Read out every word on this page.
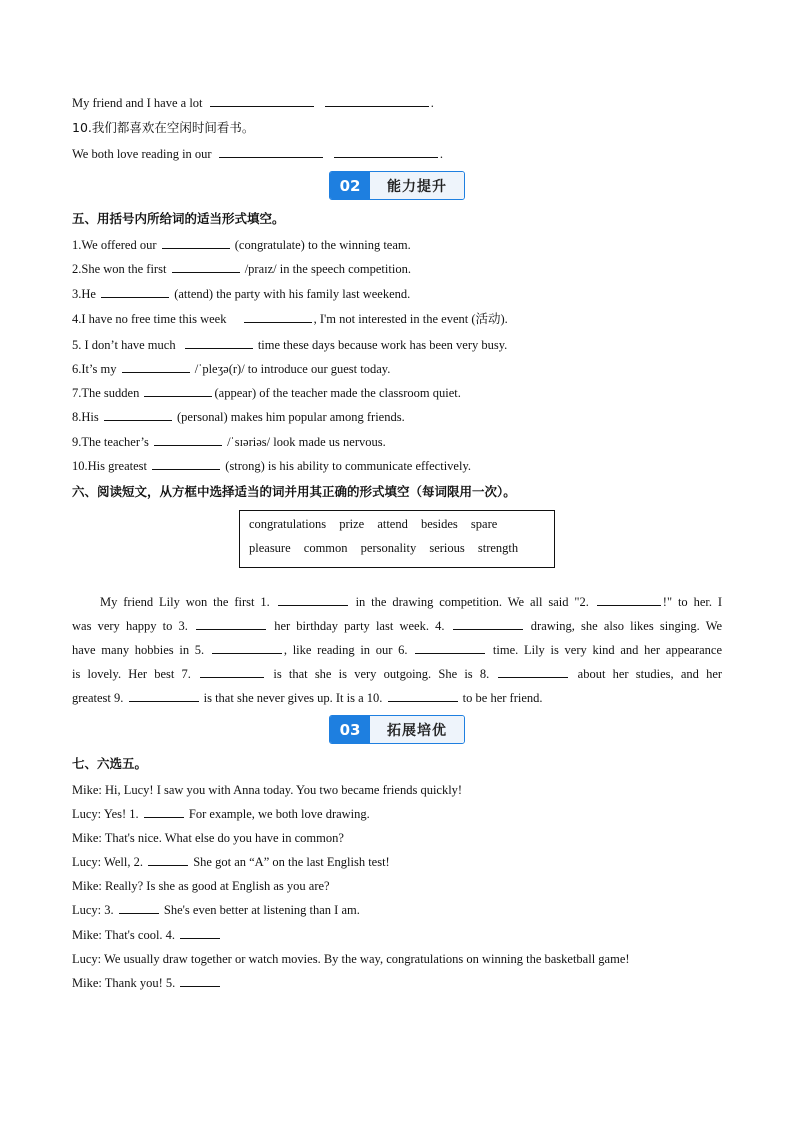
My friend and I have a lot	.
10.我们都喜欢在空闲时间看书。
We both love reading in our	.
02	能力提升
五、用括号内所给词的适当形式填空。
1.We offered our	(congratulate) to the winning team.
2.She won the first	/praɪz/ in the speech competition.
3.He	(attend) the party with his family last weekend.
4.I have no free time this week	, I'm not interested in the event (活动).
5. I don’t have much	time these days because work has been very busy.
6.It’s my	/ˈpleʒə(r)/ to introduce our guest today.
7.The sudden	(appear) of the teacher made the classroom quiet.
8.His	(personal) makes him popular among friends.
9.The teacher’s	/ˈsɪəriəs/ look made us nervous.
10.His greatest	(strong) is his ability to communicate effectively.
六、阅读短文，从方框中选择适当的词并用其正确的形式填空（每词限用一次）。
congratulations prize attend besides spare
pleasure common personality serious strength
My friend Lily won the first 1.	in the drawing competition. We all said "2.	!" to her. I
was very happy to 3.	her birthday party last week. 4.	drawing, she also likes singing. We
have many hobbies in 5.	, like reading in our 6.	time. Lily is very kind and her appearance
is lovely. Her best 7.	is that she is very outgoing. She is 8.	about her studies, and her
greatest 9.	is that she never gives up. It is a 10.	to be her friend.
03	拓展培优
七、六选五。
Mike: Hi, Lucy! I saw you with Anna today. You two became friends quickly!
Lucy: Yes! 1.	For example, we both love drawing.
Mike: That's nice. What else do you have in common?
Lucy: Well, 2.	She got an “A” on the last English test!
Mike: Really? Is she as good at English as you are?
Lucy: 3.	She's even better at listening than I am.
Mike: That's cool. 4.
Lucy: We usually draw together or watch movies. By the way, congratulations on winning the basketball game!
Mike: Thank you! 5.
